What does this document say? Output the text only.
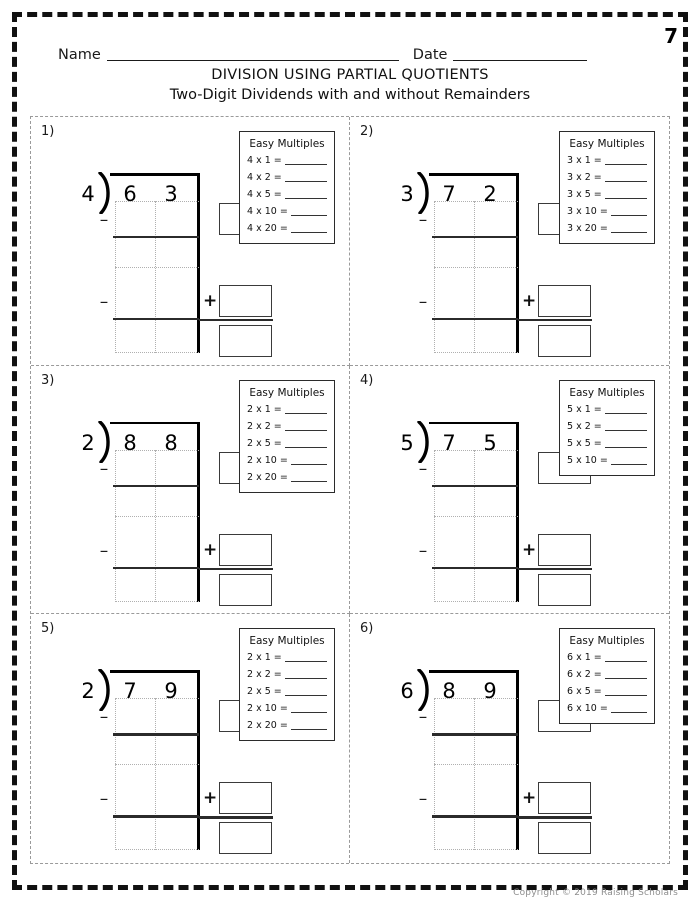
7
Name	Date
DIVISION USING PARTIAL QUOTIENTS
Two-Digit Dividends with and without Remainders
1)
4 6 3
–
–	+
Easy Multiples
4 x 1 =
4 x 2 =
4 x 5 =
4 x 10 =
4 x 20 =
2)
3 7 2
–
–	+
Easy Multiples
3 x 1 =
3 x 2 =
3 x 5 =
3 x 10 =
3 x 20 =
3)
2 8 8
–
–	+
Easy Multiples
2 x 1 =
2 x 2 =
2 x 5 =
2 x 10 =
2 x 20 =
4)
5 7 5
–
–	+
Easy Multiples
5 x 1 =
5 x 2 =
5 x 5 =
5 x 10 =
5)
2 7 9
–
–	+
Easy Multiples
2 x 1 =
2 x 2 =
2 x 5 =
2 x 10 =
2 x 20 =
6)
6 8 9
–
–	+
Easy Multiples
6 x 1 =
6 x 2 =
6 x 5 =
6 x 10 =
Copyright © 2019 Raising Scholars
